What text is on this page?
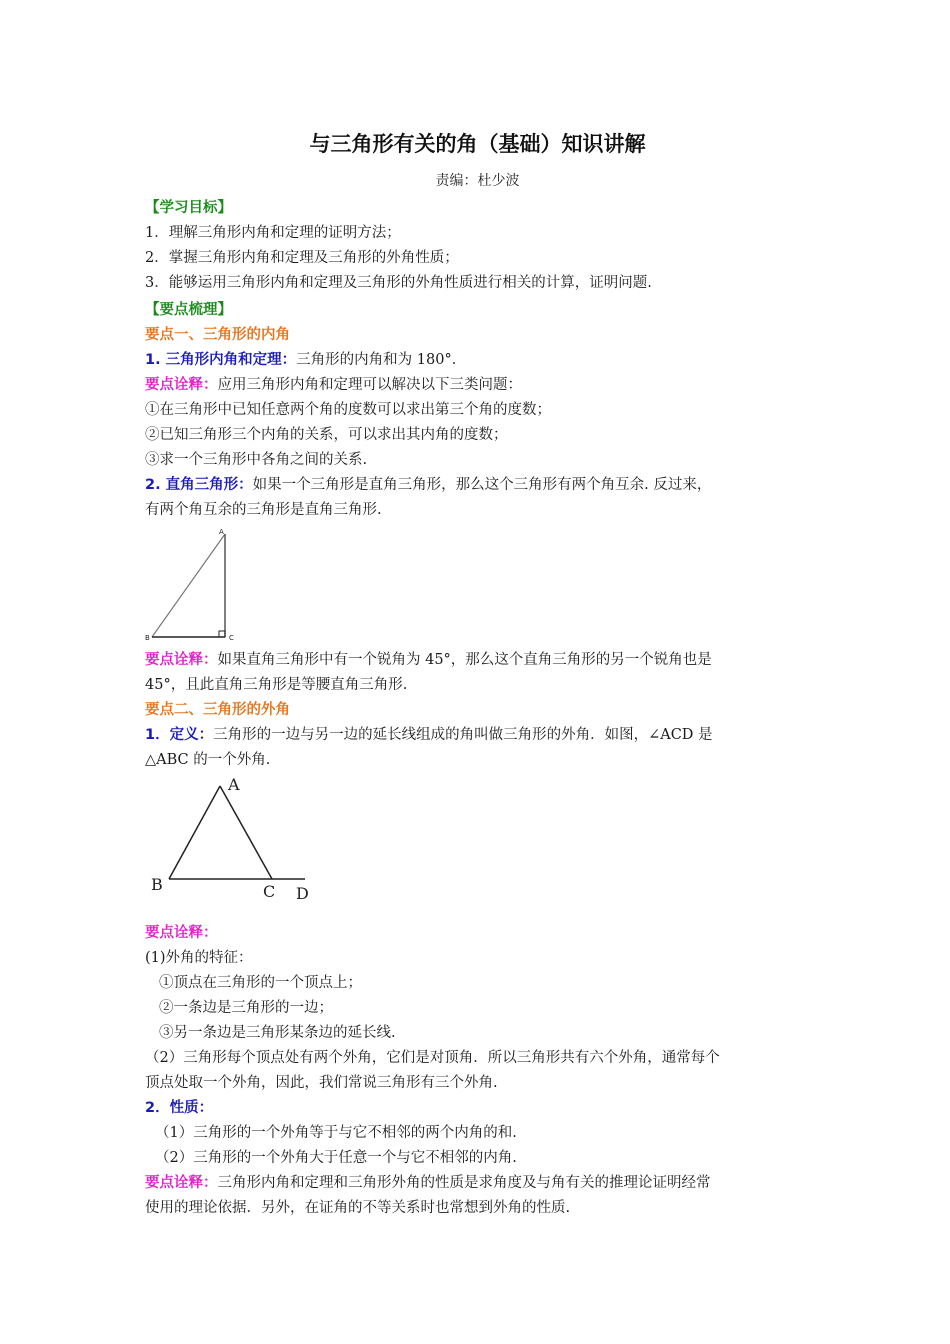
与三角形有关的角（基础）知识讲解
责编：杜少波
【学习目标】
1．理解三角形内角和定理的证明方法；
2．掌握三角形内角和定理及三角形的外角性质；
3．能够运用三角形内角和定理及三角形的外角性质进行相关的计算，证明问题.
【要点梳理】
要点一、三角形的内角
1. 三角形内角和定理：三角形的内角和为 180°．
要点诠释：应用三角形内角和定理可以解决以下三类问题：
①在三角形中已知任意两个角的度数可以求出第三个角的度数；
②已知三角形三个内角的关系，可以求出其内角的度数；
③求一个三角形中各角之间的关系.
2. 直角三角形：如果一个三角形是直角三角形，那么这个三角形有两个角互余. 反过来，
有两个角互余的三角形是直角三角形.
A
B	C
要点诠释：如果直角三角形中有一个锐角为 45°，那么这个直角三角形的另一个锐角也是
45°，且此直角三角形是等腰直角三角形.
要点二、三角形的外角
1．定义：三角形的一边与另一边的延长线组成的角叫做三角形的外角．如图，∠ACD 是
△ABC 的一个外角.
A
B	C D
要点诠释：
(1)外角的特征：
①顶点在三角形的一个顶点上；
②一条边是三角形的一边；
③另一条边是三角形某条边的延长线.
（2）三角形每个顶点处有两个外角，它们是对顶角．所以三角形共有六个外角，通常每个
顶点处取一个外角，因此，我们常说三角形有三个外角.
2．性质：
（1）三角形的一个外角等于与它不相邻的两个内角的和.
（2）三角形的一个外角大于任意一个与它不相邻的内角.
要点诠释：三角形内角和定理和三角形外角的性质是求角度及与角有关的推理论证明经常
使用的理论依据．另外，在证角的不等关系时也常想到外角的性质.
